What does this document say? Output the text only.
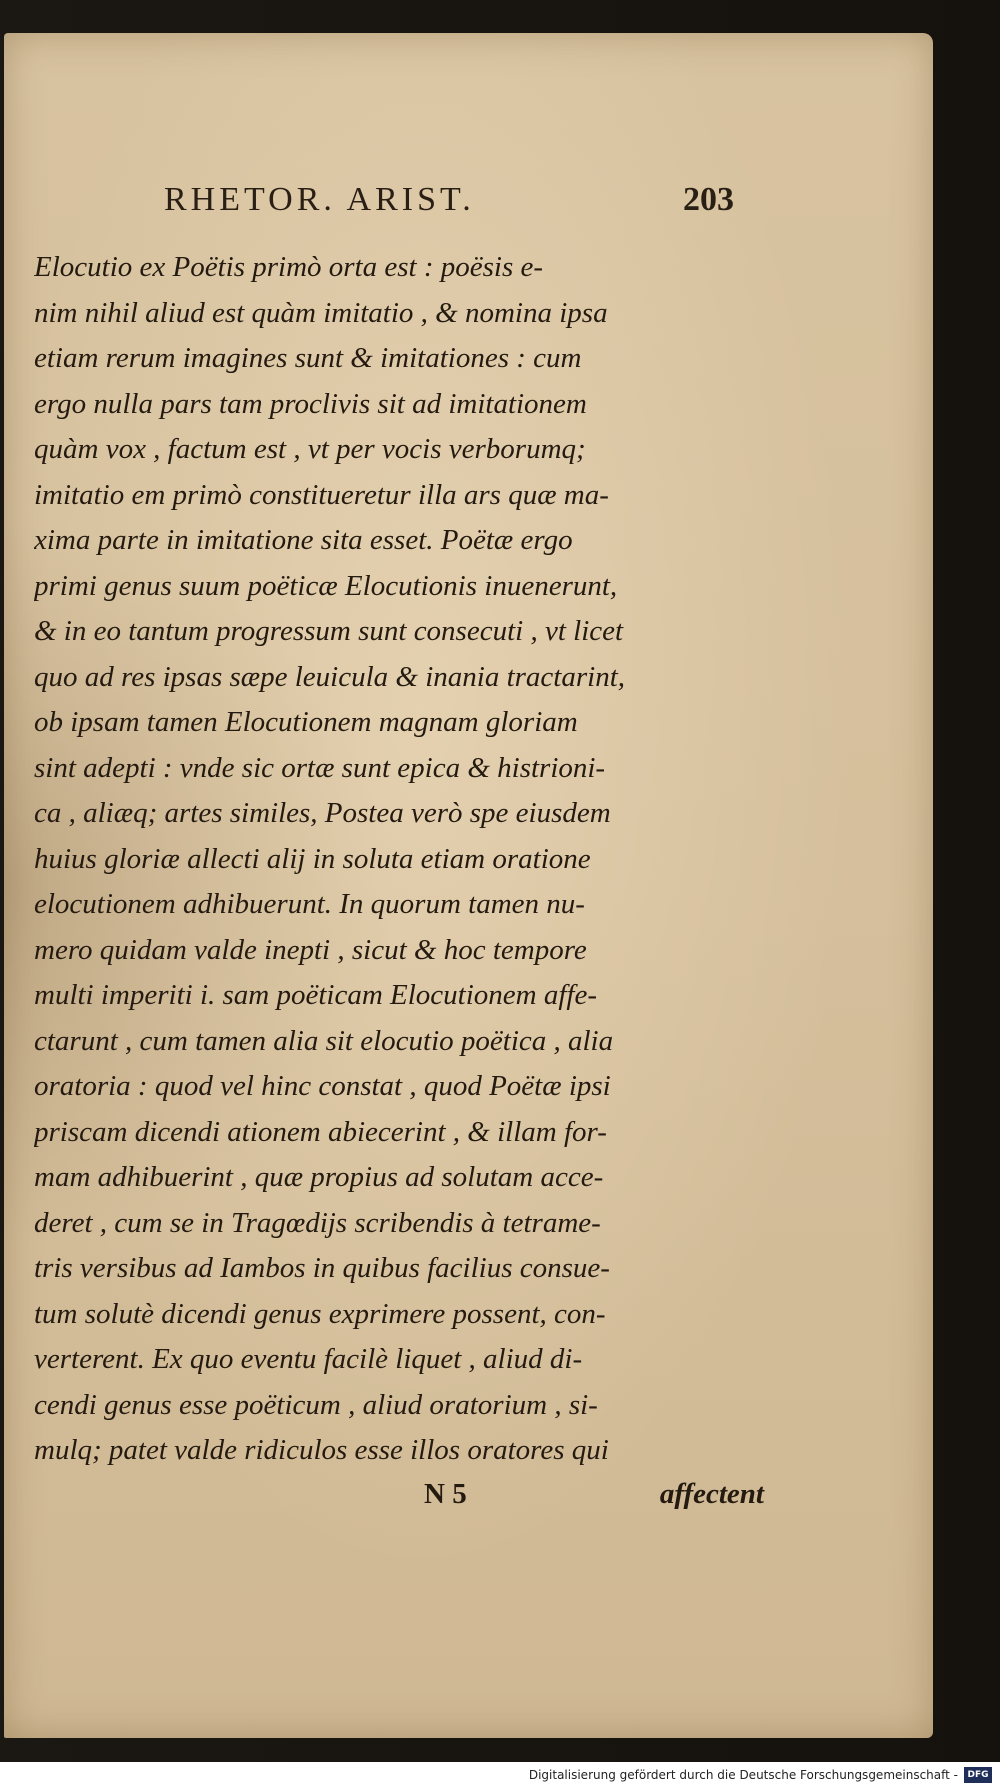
RHETOR. ARIST.	203
Elocutio ex Poëtis primò orta est : poësis e-
nim nihil aliud est quàm imitatio , & nomina ipsa
etiam rerum imagines sunt & imitationes : cum
ergo nulla pars tam proclivis sit ad imitationem
quàm vox , factum est , vt per vocis verborumq;
imitatio em primò constitueretur illa ars quæ ma-
xima parte in imitatione sita esset. Poëtæ ergo
primi genus suum poëticæ Elocutionis inuenerunt,
& in eo tantum progressum sunt consecuti , vt licet
quo ad res ipsas sæpe leuicula & inania tractarint,
ob ipsam tamen Elocutionem magnam gloriam
sint adepti : vnde sic ortæ sunt epica & histrioni-
ca , aliæq; artes similes, Postea verò spe eiusdem
huius gloriæ allecti alij in soluta etiam oratione
elocutionem adhibuerunt. In quorum tamen nu-
mero quidam valde inepti , sicut & hoc tempore
multi imperiti i. sam poëticam Elocutionem affe-
ctarunt , cum tamen alia sit elocutio poëtica , alia
oratoria : quod vel hinc constat , quod Poëtæ ipsi
priscam dicendi ationem abiecerint , & illam for-
mam adhibuerint , quæ propius ad solutam acce-
deret , cum se in Tragœdijs scribendis à tetrame-
tris versibus ad Iambos in quibus facilius consue-
tum solutè dicendi genus exprimere possent, con-
verterent. Ex quo eventu facilè liquet , aliud di-
cendi genus esse poëticum , aliud oratorium , si-
mulq; patet valde ridiculos esse illos oratores qui
N 5	affectent
Digitalisierung gefördert durch die Deutsche Forschungsgemeinschaft -	DFG
